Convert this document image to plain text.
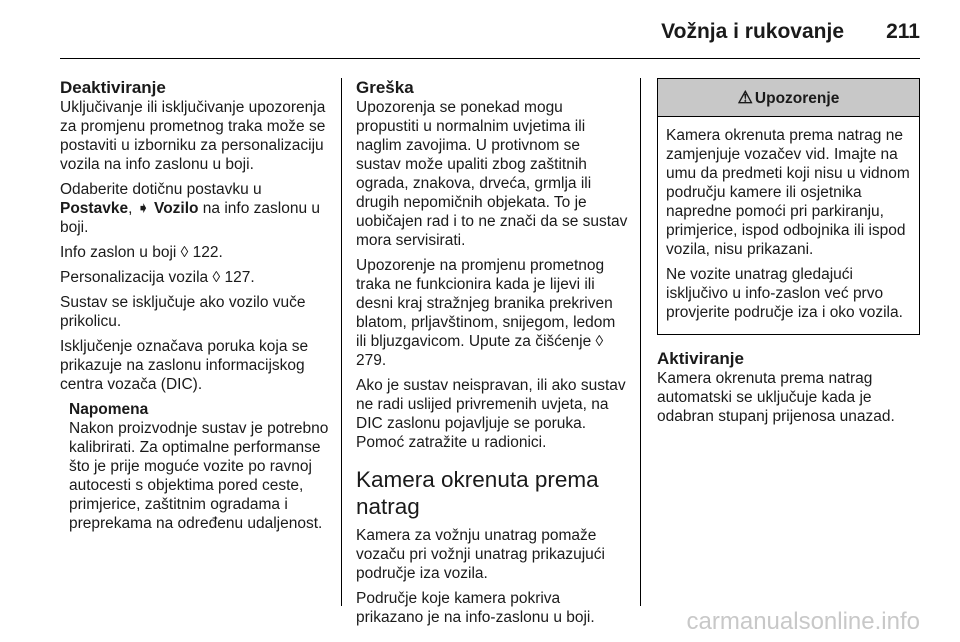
Vožnja i rukovanje 211
Deaktiviranje

Uključivanje ili isključivanje upozorenja za promjenu prometnog traka može se postaviti u izborniku za personalizaciju vozila na info zaslonu u boji.

Odaberite dotičnu postavku u Postavke, ➧ Vozilo na info zaslonu u boji.

Info zaslon u boji ◊ 122.

Personalizacija vozila ◊ 127.

Sustav se isključuje ako vozilo vuče prikolicu.

Isključenje označava poruka koja se prikazuje na zaslonu informacijskog centra vozača (DIC).

Napomena
Nakon proizvodnje sustav je potrebno kalibrirati. Za optimalne performanse što je prije moguće vozite po ravnoj autocesti s objektima pored ceste, primjerice, zaštitnim ogradama i preprekama na određenu udaljenost.
Greška

Upozorenja se ponekad mogu propustiti u normalnim uvjetima ili naglim zavojima. U protivnom se sustav može upaliti zbog zaštitnih ograda, znakova, drveća, grmlja ili drugih nepomičnih objekata. To je uobičajen rad i to ne znači da se sustav mora servisirati.

Upozorenje na promjenu prometnog traka ne funkcionira kada je lijevi ili desni kraj stražnjeg branika prekriven blatom, prljavštinom, snijegom, ledom ili bljuzgavicom. Upute za čišćenje ◊ 279.

Ako je sustav neispravan, ili ako sustav ne radi uslijed privremenih uvjeta, na DIC zaslonu pojavljuje se poruka. Pomoć zatražite u radionici.

Kamera okrenuta prema natrag

Kamera za vožnju unatrag pomaže vozaču pri vožnji unatrag prikazujući područje iza vozila.

Područje koje kamera pokriva prikazano je na info-zaslonu u boji.

⚠ Upozorenje

Kamera okrenuta prema natrag ne zamjenjuje vozačev vid. Imajte na umu da predmeti koji nisu u vidnom području kamere ili osjetnika napredne pomoći pri parkiranju, primjerice, ispod odbojnika ili ispod vozila, nisu prikazani.

Ne vozite unatrag gledajući isključivo u info-zaslon već prvo provjerite područje iza i oko vozila.

Aktiviranje

Kamera okrenuta prema natrag automatski se uključuje kada je odabran stupanj prijenosa unazad.

carmanualsonline.info
